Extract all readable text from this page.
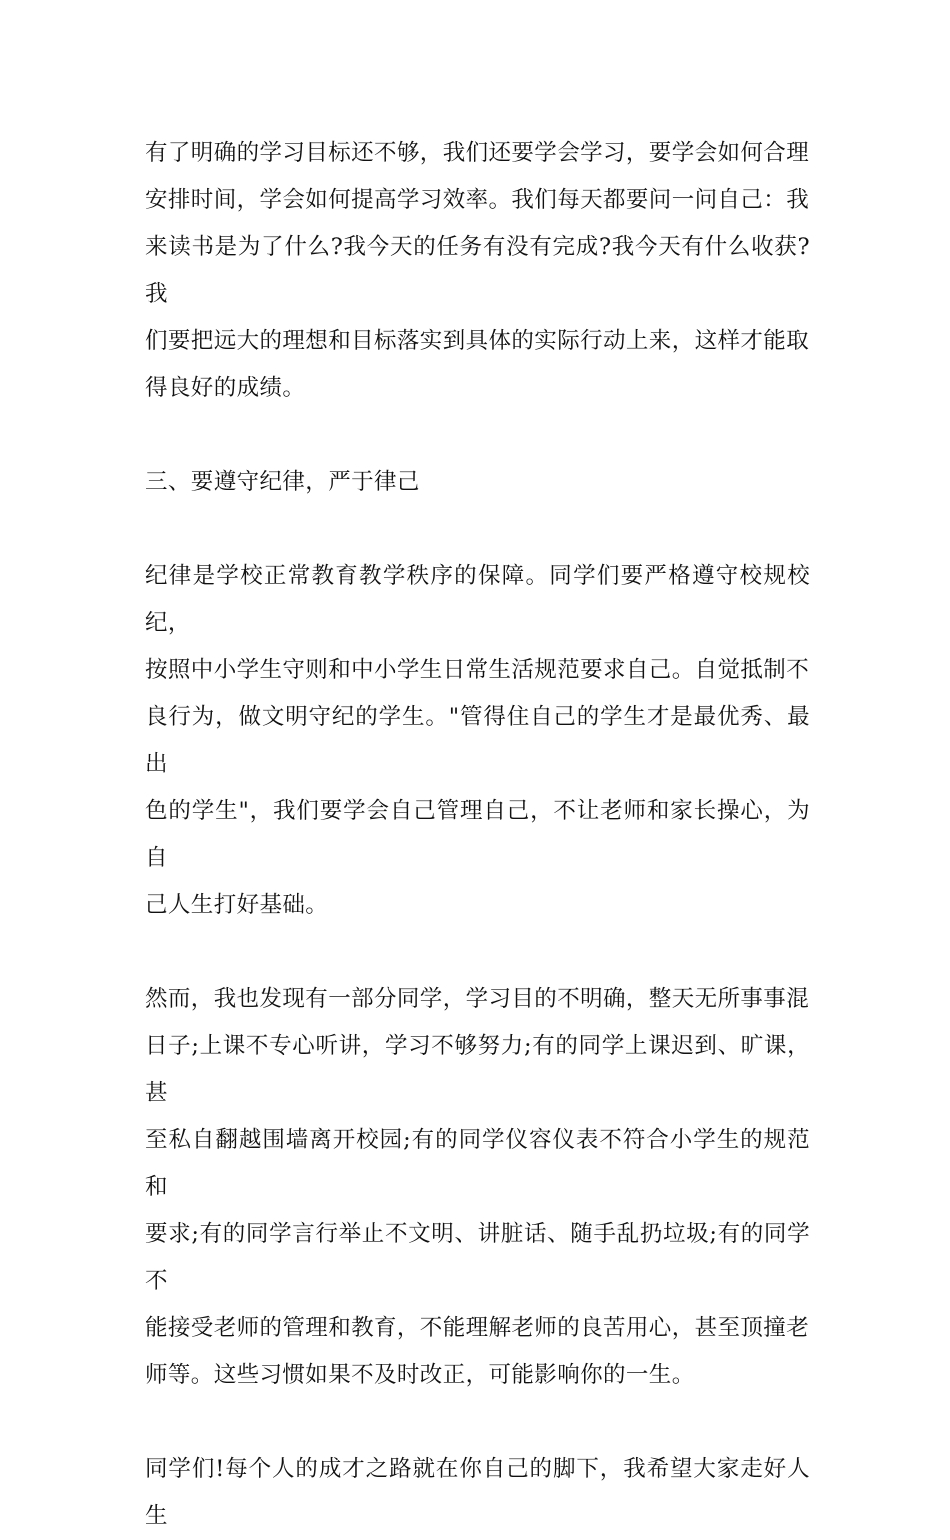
有了明确的学习目标还不够，我们还要学会学习，要学会如何合理
安排时间，学会如何提高学习效率。我们每天都要问一问自己：我
来读书是为了什么?我今天的任务有没有完成?我今天有什么收获?我
们要把远大的理想和目标落实到具体的实际行动上来，这样才能取
得良好的成绩。
三、要遵守纪律，严于律己
纪律是学校正常教育教学秩序的保障。同学们要严格遵守校规校纪，
按照中小学生守则和中小学生日常生活规范要求自己。自觉抵制不
良行为，做文明守纪的学生。"管得住自己的学生才是最优秀、最出
色的学生"，我们要学会自己管理自己，不让老师和家长操心，为自
己人生打好基础。
然而，我也发现有一部分同学，学习目的不明确，整天无所事事混
日子;上课不专心听讲，学习不够努力;有的同学上课迟到、旷课，甚
至私自翻越围墙离开校园;有的同学仪容仪表不符合小学生的规范和
要求;有的同学言行举止不文明、讲脏话、随手乱扔垃圾;有的同学不
能接受老师的管理和教育，不能理解老师的良苦用心，甚至顶撞老
师等。这些习惯如果不及时改正，可能影响你的一生。
同学们!每个人的成才之路就在你自己的脚下，我希望大家走好人生
